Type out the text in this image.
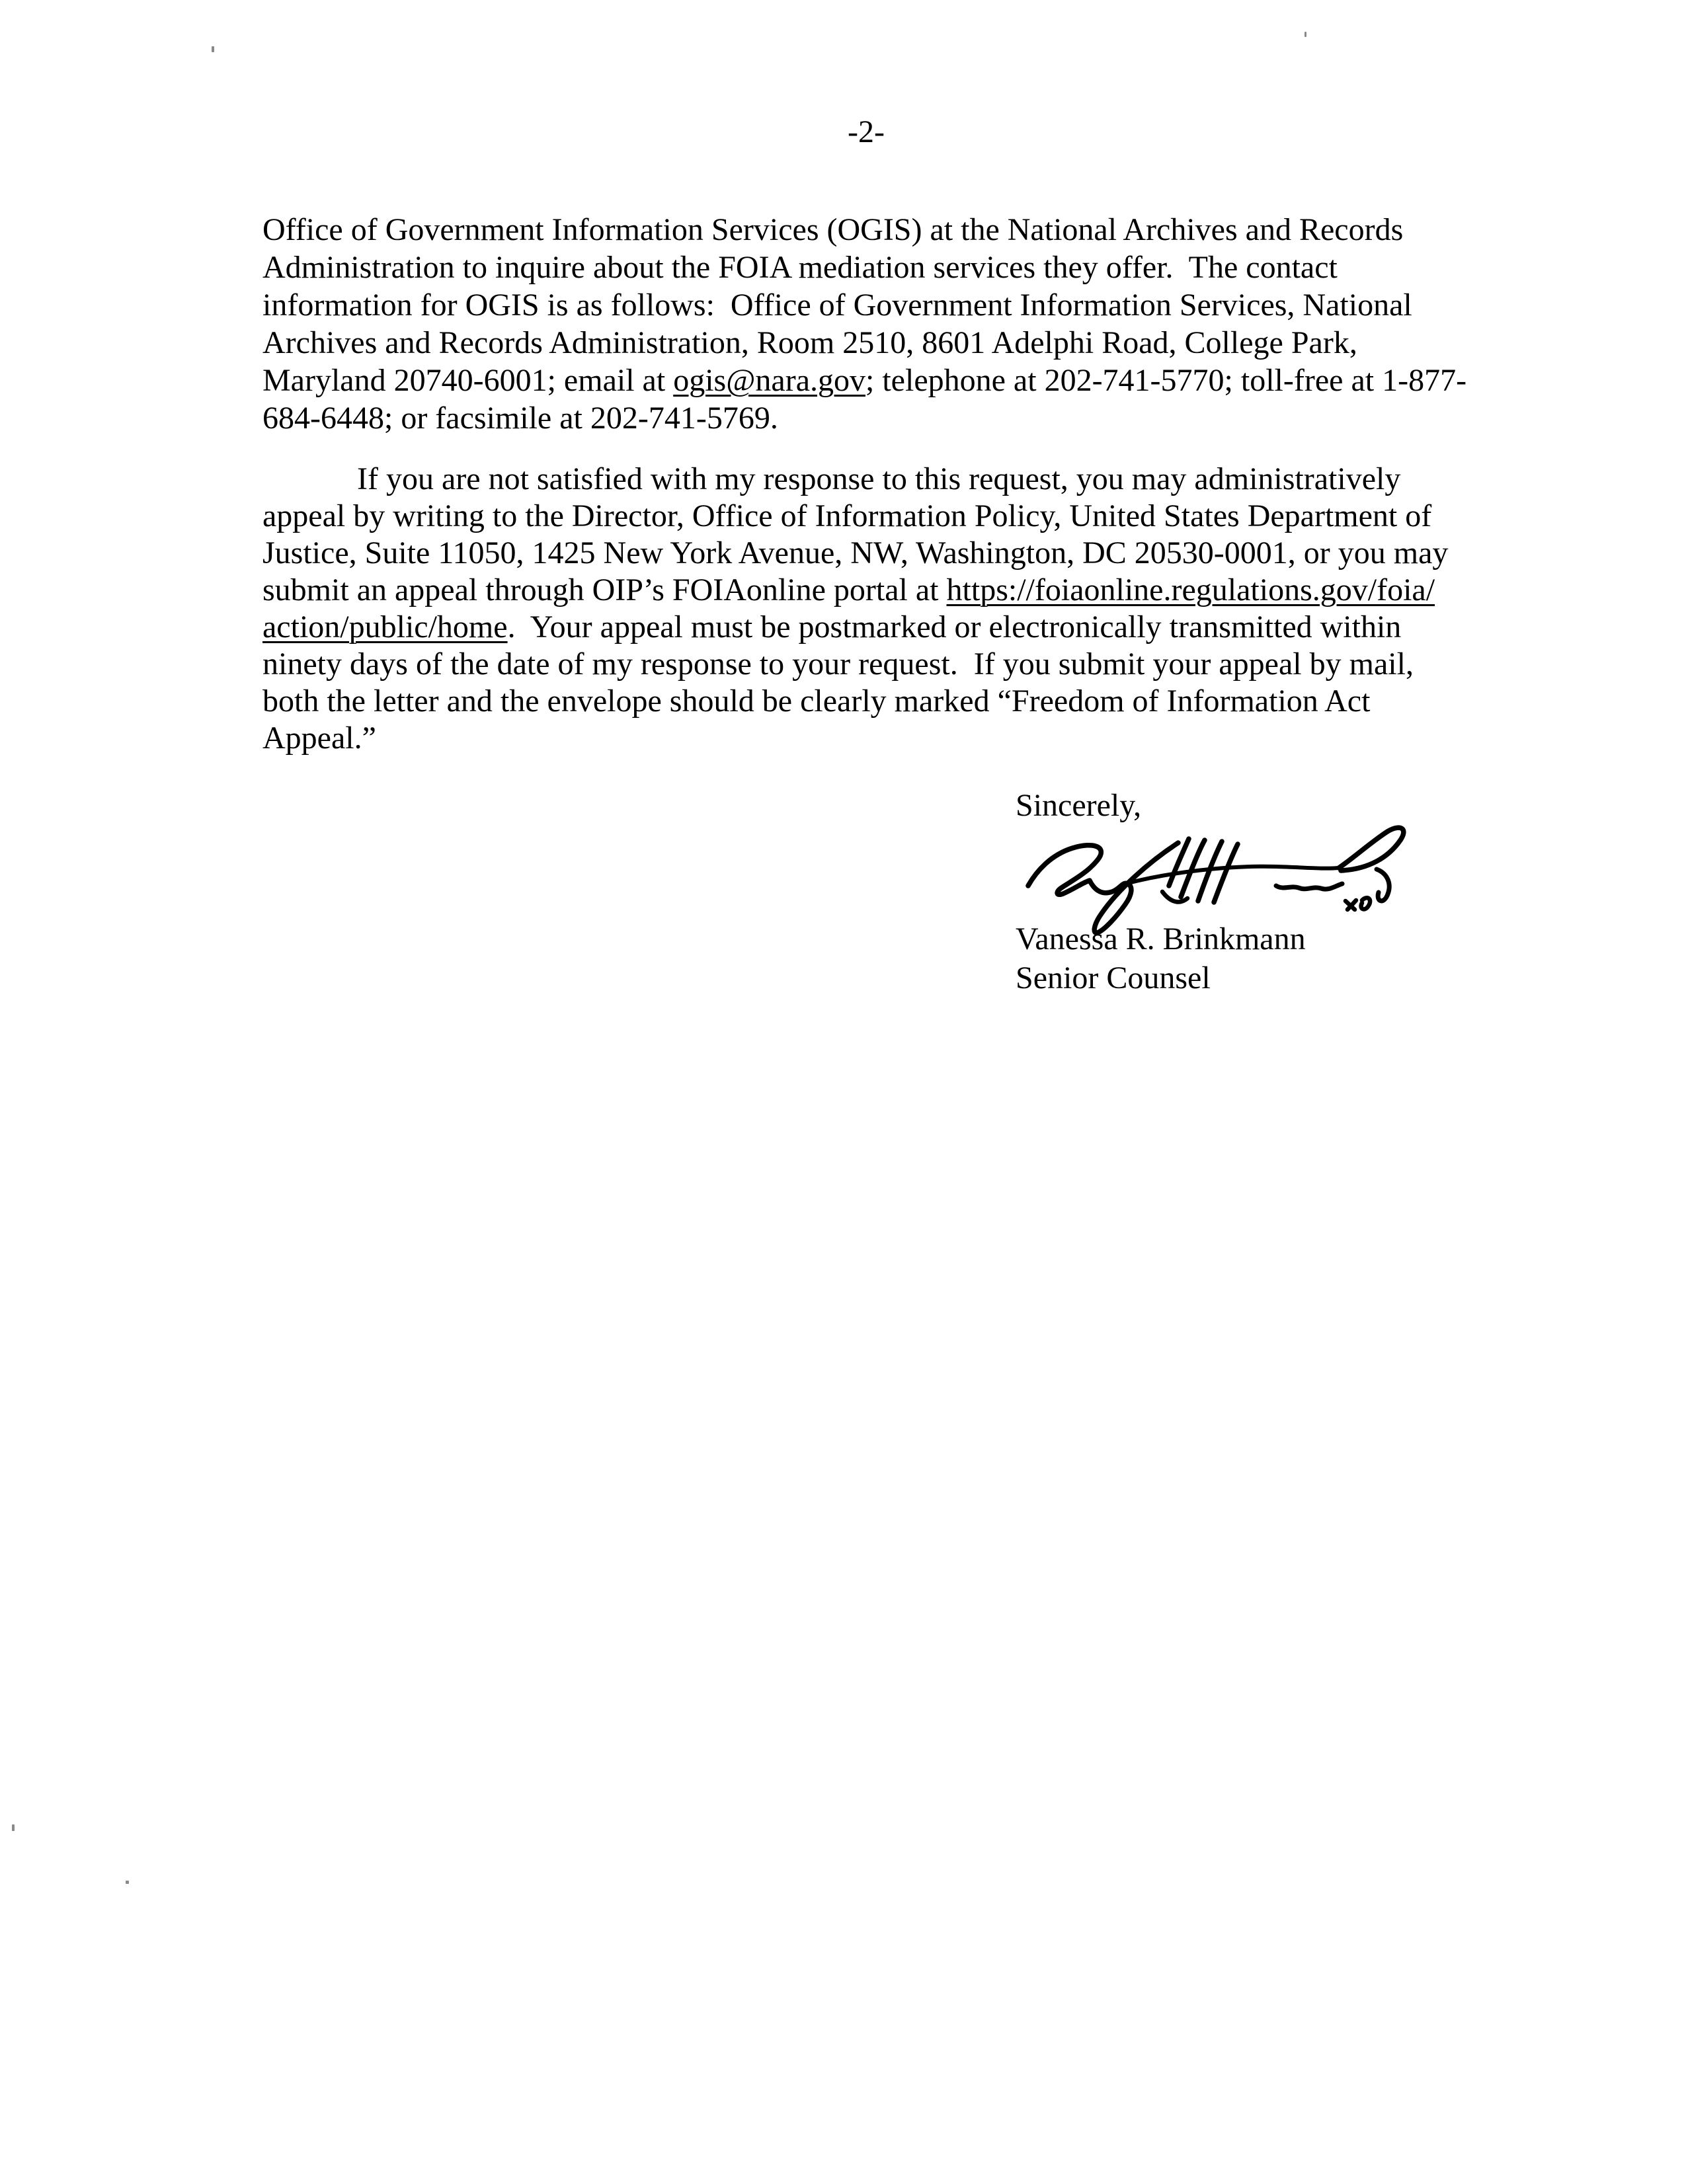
-2-
Office of Government Information Services (OGIS) at the National Archives and Records
Administration to inquire about the FOIA mediation services they offer.  The contact
information for OGIS is as follows:  Office of Government Information Services, National
Archives and Records Administration, Room 2510, 8601 Adelphi Road, College Park,
Maryland 20740-6001; email at ogis@nara.gov; telephone at 202-741-5770; toll-free at 1-877-
684-6448; or facsimile at 202-741-5769.
If you are not satisfied with my response to this request, you may administratively
appeal by writing to the Director, Office of Information Policy, United States Department of
Justice, Suite 11050, 1425 New York Avenue, NW, Washington, DC 20530-0001, or you may
submit an appeal through OIP’s FOIAonline portal at https://foiaonline.regulations.gov/foia/
action/public/home.  Your appeal must be postmarked or electronically transmitted within
ninety days of the date of my response to your request.  If you submit your appeal by mail,
both the letter and the envelope should be clearly marked “Freedom of Information Act
Appeal.”
Sincerely,
Vanessa R. Brinkmann
Senior Counsel
